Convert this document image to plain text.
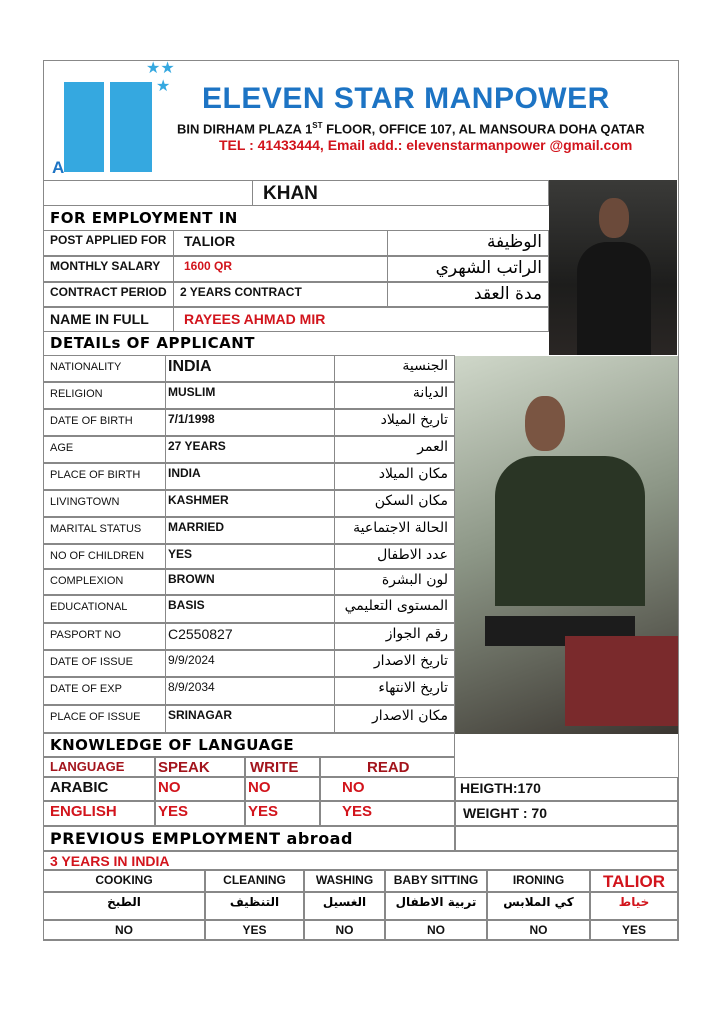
★★
★
A
ELEVEN STAR MANPOWER
BIN DIRHAM PLAZA 1ST FLOOR, OFFICE 107, AL MANSOURA DOHA QATAR
TEL : 41433444, Email add.: elevenstarmanpower @gmail.com
KHAN
FOR EMPLOYMENT IN
POST APPLIED FOR TALIOR	الوظيفة
MONTHLY SALARY 1600 QR	الراتب الشهري
CONTRACT PERIOD 2 YEARS CONTRACT	مدة العقد
NAME IN FULL	RAYEES AHMAD MIR
DETAILs OF APPLICANT
NATIONALITY	INDIA	الجنسية
RELIGION	MUSLIM	الديانة
DATE OF BIRTH	7/1/1998	تاريخ الميلاد
AGE	27 YEARS	العمر
PLACE OF BIRTH INDIA	مكان الميلاد
LIVINGTOWN	KASHMER	مكان السكن
MARITAL STATUS MARRIED	الحالة الاجتماعية
NO OF CHILDREN YES	عدد الاطفال
COMPLEXION	BROWN	لون البشرة
EDUCATIONAL	BASIS	المستوى التعليمي
PASPORT NO	C2550827	رقم الجواز
DATE OF ISSUE	9/9/2024	تاريخ الاصدار
DATE OF EXP	8/9/2034	تاريخ الانتهاء
PLACE OF ISSUE SRINAGAR	مكان الاصدار
KNOWLEDGE OF LANGUAGE
LANGUAGE SPEAK	WRITE	READ
ARABIC	NO	NO	NO
ENGLISH	YES	YES	YES
HEIGTH:170
WEIGHT : 70
PREVIOUS EMPLOYMENT abroad
3 YEARS IN INDIA
COOKING	CLEANING	WASHING	BABY SITTING	IRONING	TALIOR
الطبخ	التنظيف	الغسيل	تربية الاطفال	كي الملابس	خياط
NO	YES	NO	NO	NO	YES
